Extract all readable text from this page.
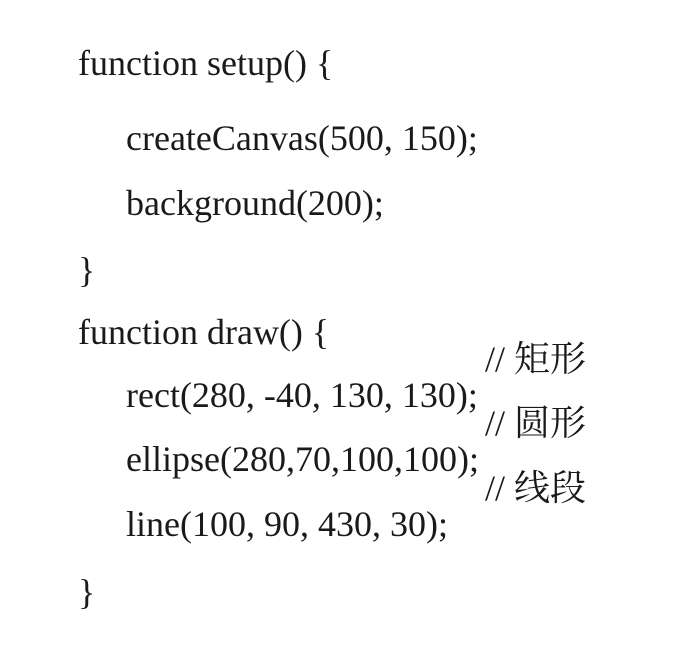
function setup() {

createCanvas(500, 150);

background(200);

}

function draw() {

rect(280, -40, 130, 130);

// 矩形

ellipse(280,70,100,100);

// 圆形

line(100, 90, 430, 30);

// 线段

}
